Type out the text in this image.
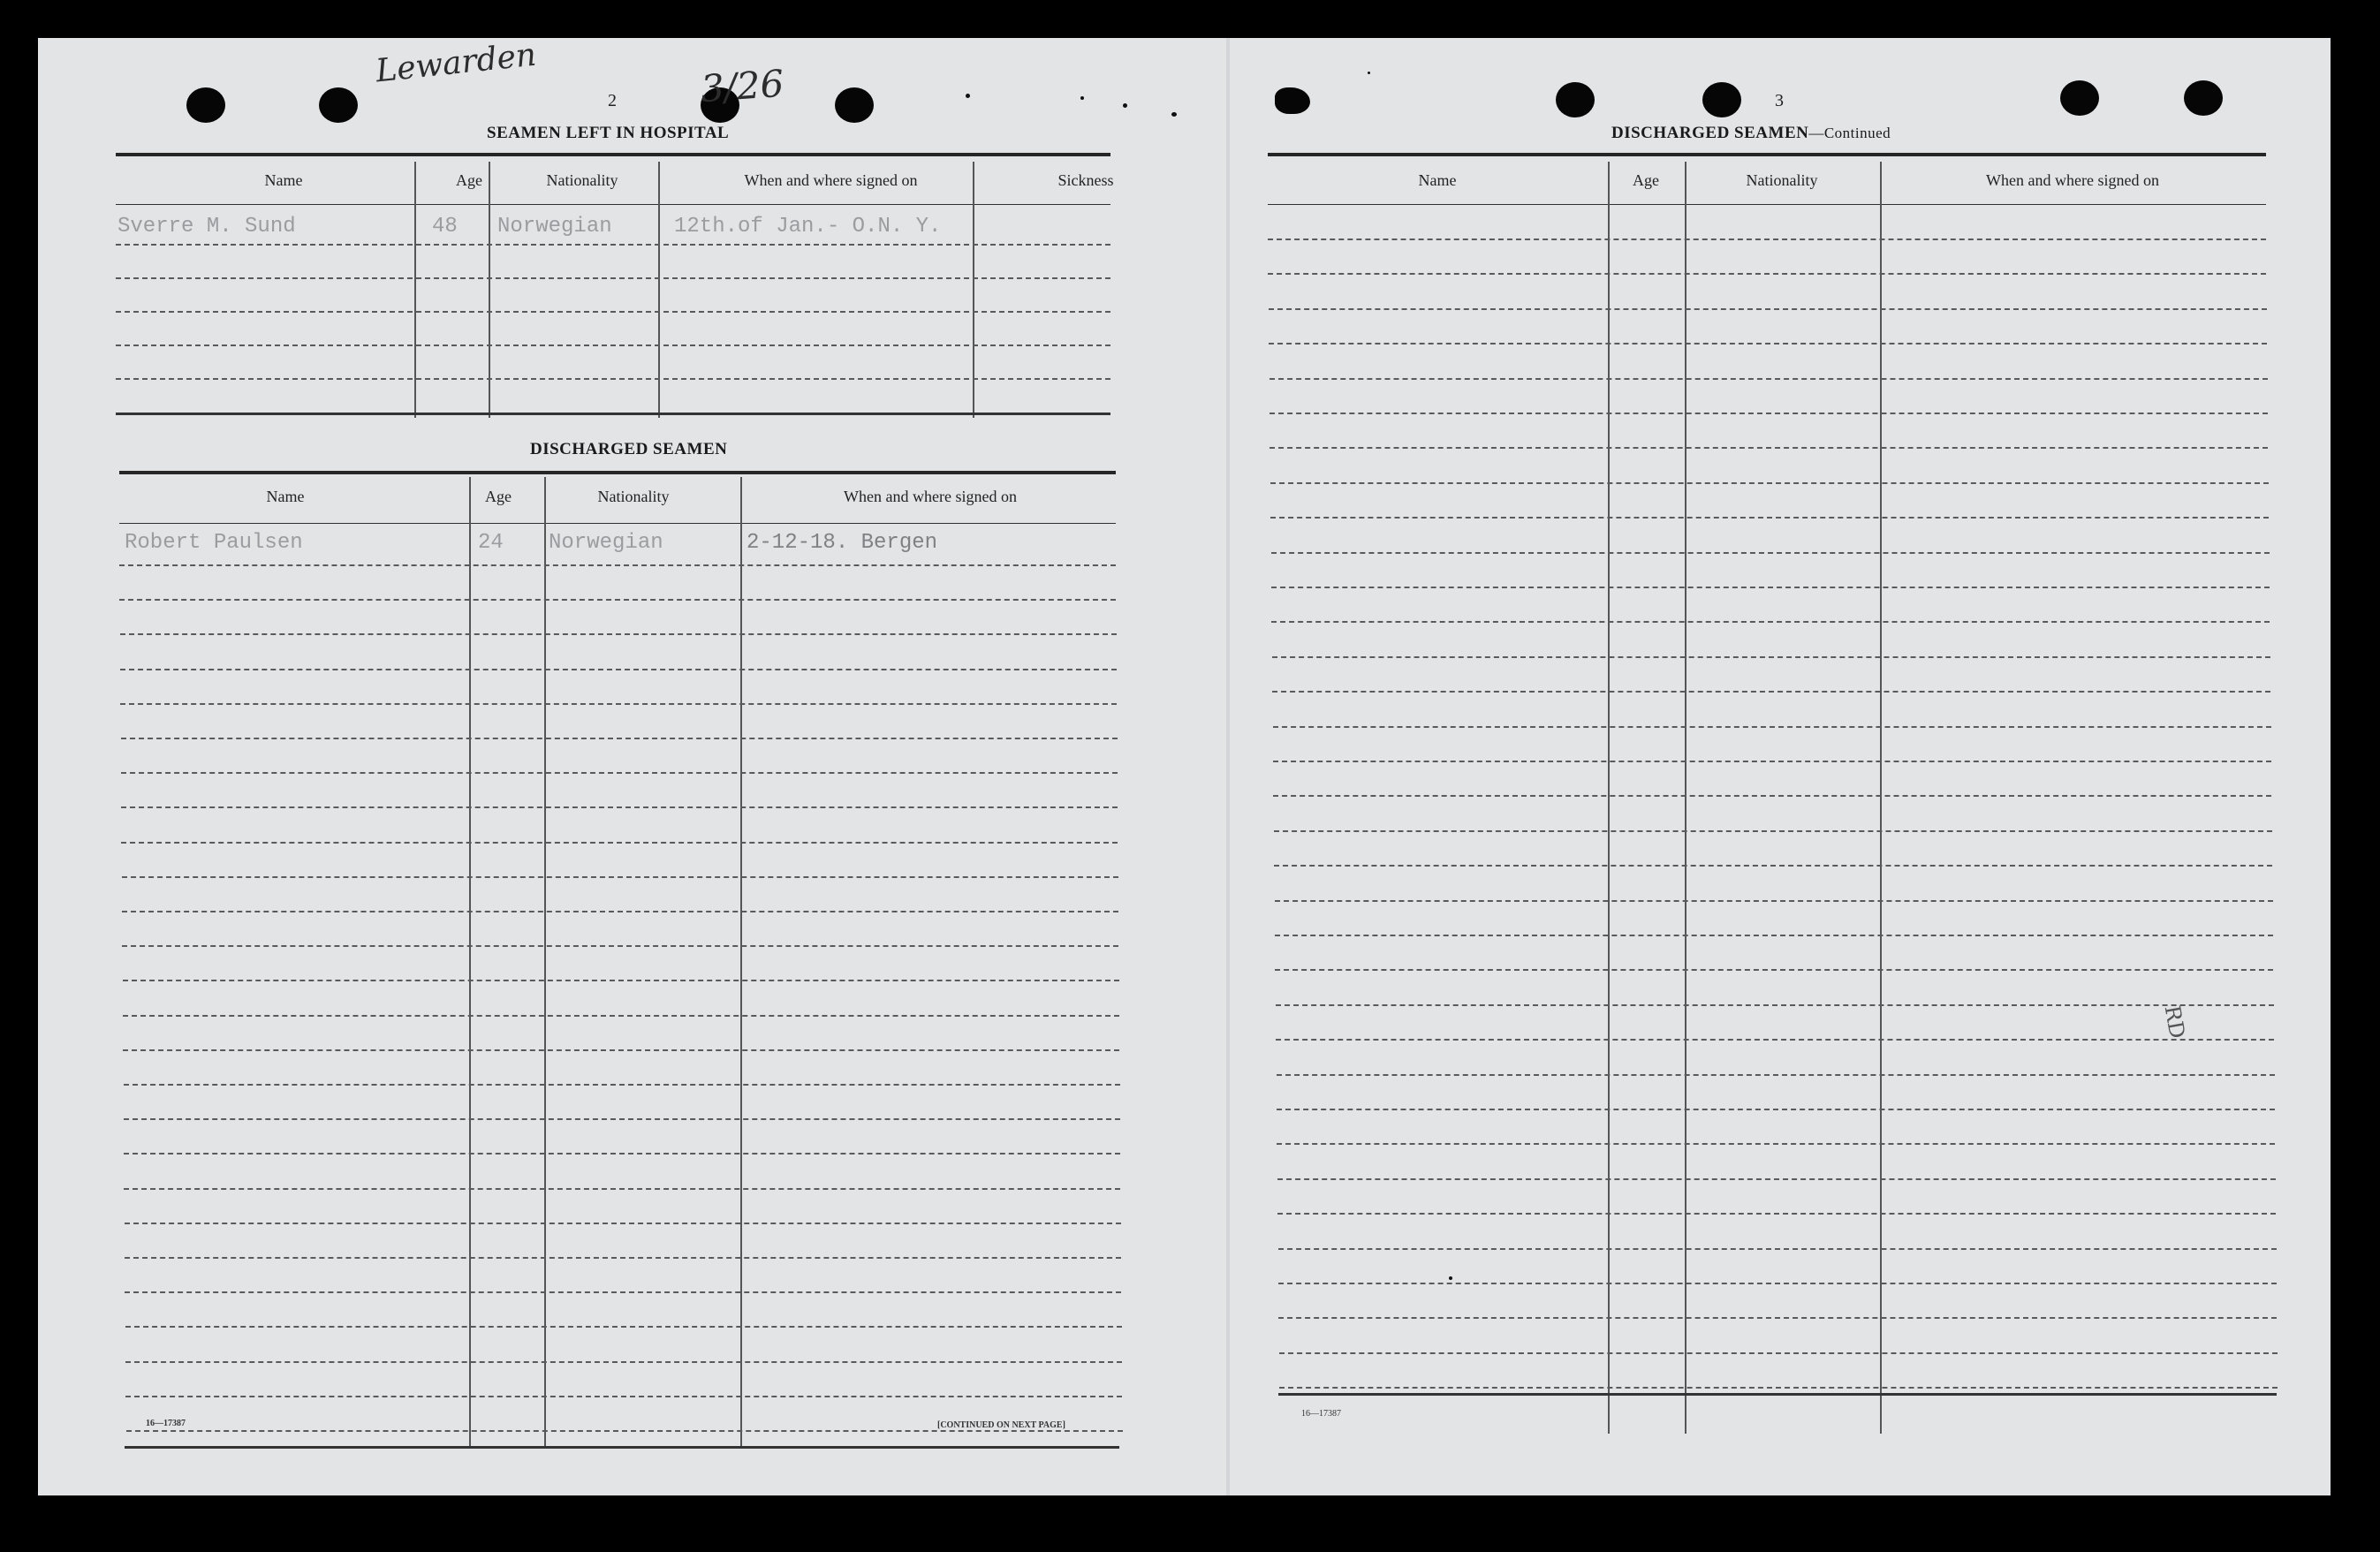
Lewarden	3/26
RD
2
SEAMEN LEFT IN HOSPITAL
Name	Age	Nationality	When and where signed on	Sickness
Sverre M. Sund	48 Norwegian	12th.of Jan.- O.N. Y.
DISCHARGED SEAMEN
Name	Age	Nationality	When and where signed on
Robert Paulsen	24 Norwegian	2-12-18. Bergen
16—17387	[CONTINUED ON NEXT PAGE]
3
DISCHARGED SEAMEN—Continued
Name	Age	Nationality	When and where signed on
16—17387
